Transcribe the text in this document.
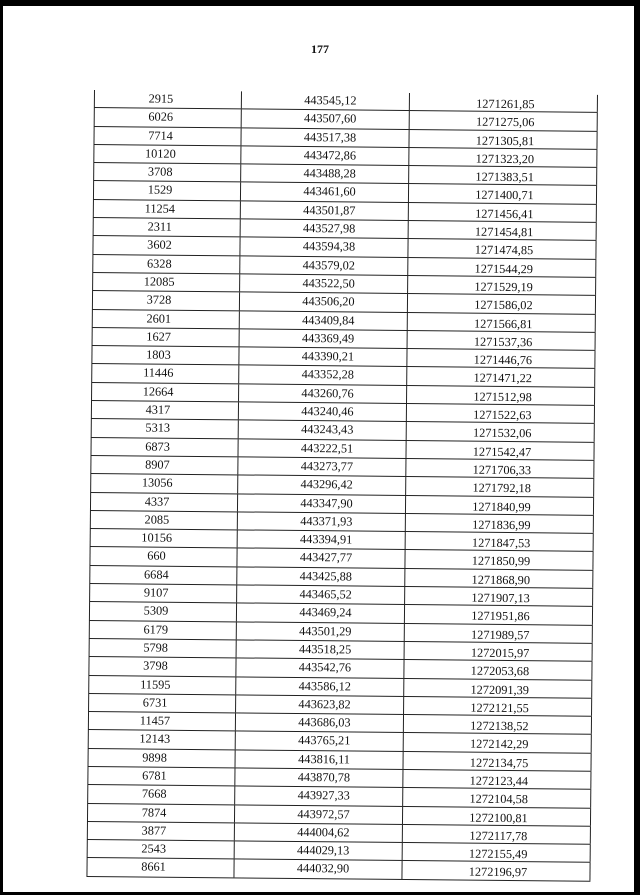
177
2915	443545,12	1271261,85
6026	443507,60	1271275,06
7714	443517,38	1271305,81
10120	443472,86	1271323,20
3708	443488,28	1271383,51
1529	443461,60	1271400,71
11254	443501,87	1271456,41
2311	443527,98	1271454,81
3602	443594,38	1271474,85
6328	443579,02	1271544,29
12085	443522,50	1271529,19
3728	443506,20	1271586,02
2601	443409,84	1271566,81
1627	443369,49	1271537,36
1803	443390,21	1271446,76
11446	443352,28	1271471,22
12664	443260,76	1271512,98
4317	443240,46	1271522,63
5313	443243,43	1271532,06
6873	443222,51	1271542,47
8907	443273,77	1271706,33
13056	443296,42	1271792,18
4337	443347,90	1271840,99
2085	443371,93	1271836,99
10156	443394,91	1271847,53
660	443427,77	1271850,99
6684	443425,88	1271868,90
9107	443465,52	1271907,13
5309	443469,24	1271951,86
6179	443501,29	1271989,57
5798	443518,25	1272015,97
3798	443542,76	1272053,68
11595	443586,12	1272091,39
6731	443623,82	1272121,55
11457	443686,03	1272138,52
12143	443765,21	1272142,29
9898	443816,11	1272134,75
6781	443870,78	1272123,44
7668	443927,33	1272104,58
7874	443972,57	1272100,81
3877	444004,62	1272117,78
2543	444029,13	1272155,49
8661	444032,90	1272196,97
